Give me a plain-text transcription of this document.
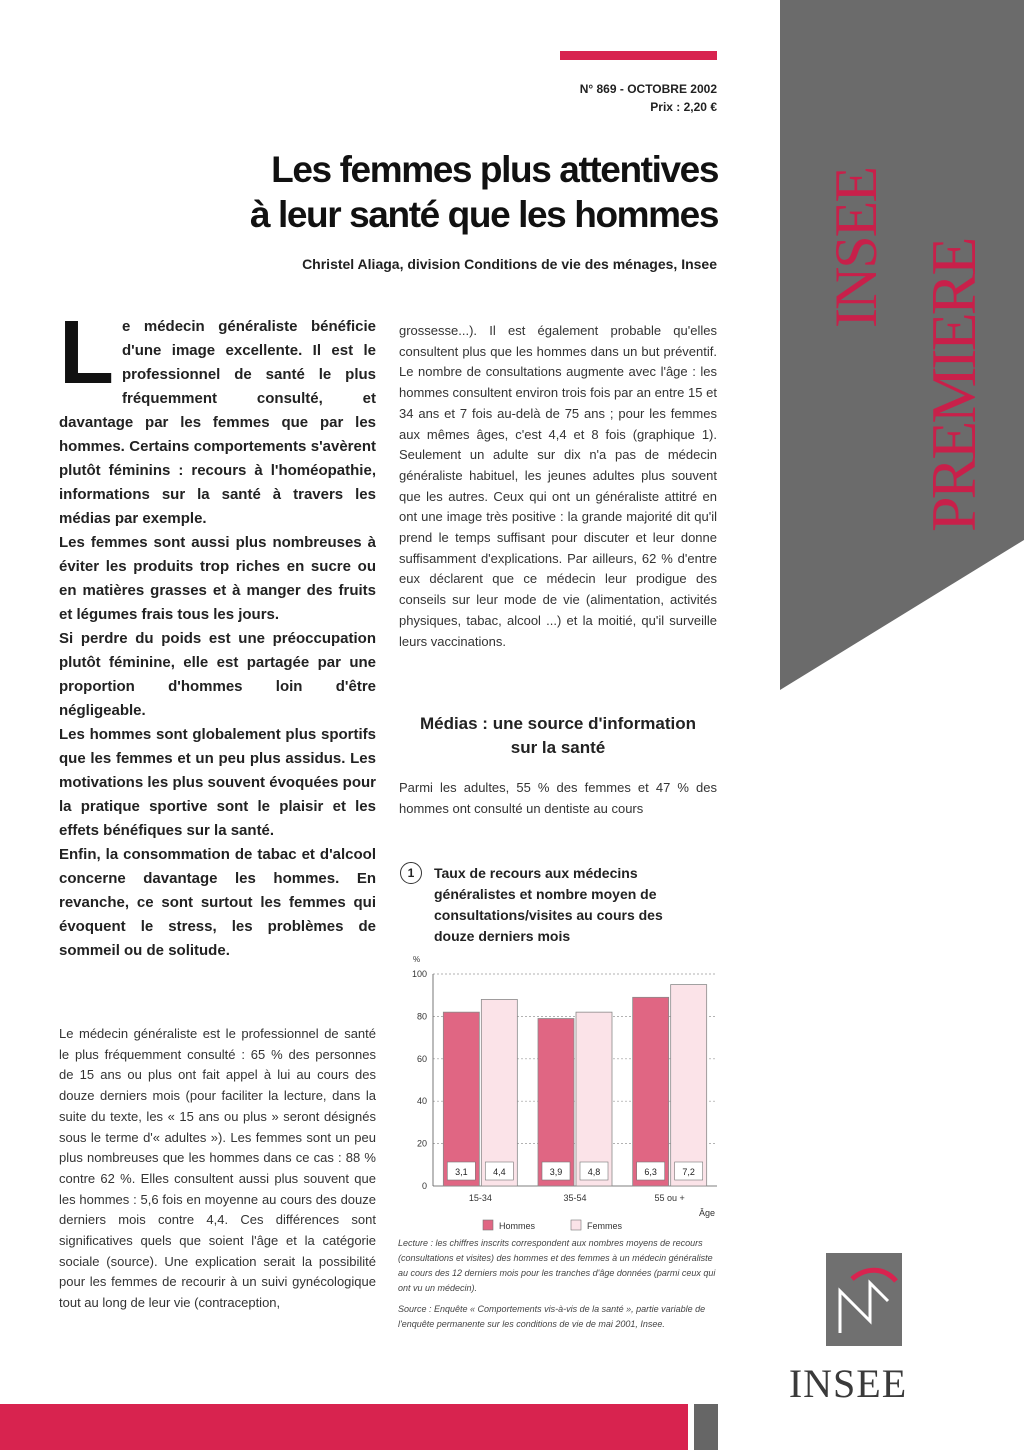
INSEE PREMIERE
N° 869 - OCTOBRE 2002
Prix : 2,20 €
Les femmes plus attentives
à leur santé que les hommes
Christel Aliaga, division Conditions de vie des ménages, Insee

Le médecin généraliste bénéficie d'une image excellente. Il est le professionnel de santé le plus fréquemment consulté, et davantage par les femmes que par les hommes. Certains comportements s'avèrent plutôt féminins : recours à l'homéopathie, informations sur la santé à travers les médias par exemple.

Les femmes sont aussi plus nombreuses à éviter les produits trop riches en sucre ou en matières grasses et à manger des fruits et légumes frais tous les jours.

Si perdre du poids est une préoccupation plutôt féminine, elle est partagée par une proportion d'hommes loin d'être négligeable.

Les hommes sont globalement plus sportifs que les femmes et un peu plus assidus. Les motivations les plus souvent évoquées pour la pratique sportive sont le plaisir et les effets bénéfiques sur la santé.

Enfin, la consommation de tabac et d'alcool concerne davantage les hommes. En revanche, ce sont surtout les femmes qui évoquent le stress, les problèmes de sommeil ou de solitude.

Le médecin généraliste est le professionnel de santé le plus fréquemment consulté : 65 % des personnes de 15 ans ou plus ont fait appel à lui au cours des douze derniers mois (pour faciliter la lecture, dans la suite du texte, les « 15 ans ou plus » seront désignés sous le terme d'« adultes »). Les femmes sont un peu plus nombreuses que les hommes dans ce cas : 88 % contre 62 %. Elles consultent aussi plus souvent que les hommes : 5,6 fois en moyenne au cours des douze derniers mois contre 4,4. Ces différences sont significatives quels que soient l'âge et la catégorie sociale (source). Une explication serait la possibilité pour les femmes de recourir à un suivi gynécologique tout au long de leur vie (contraception,

grossesse...). Il est également probable qu'elles consultent plus que les hommes dans un but préventif. Le nombre de consultations augmente avec l'âge : les hommes consultent environ trois fois par an entre 15 et 34 ans et 7 fois au-delà de 75 ans ; pour les femmes aux mêmes âges, c'est 4,4 et 8 fois (graphique 1). Seulement un adulte sur dix n'a pas de médecin généraliste habituel, les jeunes adultes plus souvent que les autres. Ceux qui ont un généraliste attitré en ont une image très positive : la grande majorité dit qu'il prend le temps suffisant pour discuter et leur donne suffisamment d'explications. Par ailleurs, 62 % d'entre eux déclarent que ce médecin leur prodigue des conseils sur leur mode de vie (alimentation, activités physiques, tabac, alcool ...) et la moitié, qu'il surveille leurs vaccinations.

Médias : une source d'information
sur la santé
Parmi les adultes, 55 % des femmes et 47 % des hommes ont consulté un dentiste au cours
1	Taux de recours aux médecins généralistes et nombre moyen de consultations/visites au cours des douze derniers mois
%
0
20
40
60
80
100
3,1	4,4
15-34
3,9	4,8
35-54
6,3	7,2
55 ou +
Âge
Hommes	Femmes

Lecture : les chiffres inscrits correspondent aux nombres moyens de recours (consultations et visites) des hommes et des femmes à un médecin généraliste au cours des 12 derniers mois pour les tranches d'âge données (parmi ceux qui ont vu un médecin).

Source : Enquête « Comportements vis-à-vis de la santé », partie variable de l'enquête permanente sur les conditions de vie de mai 2001, Insee.

INSEE
